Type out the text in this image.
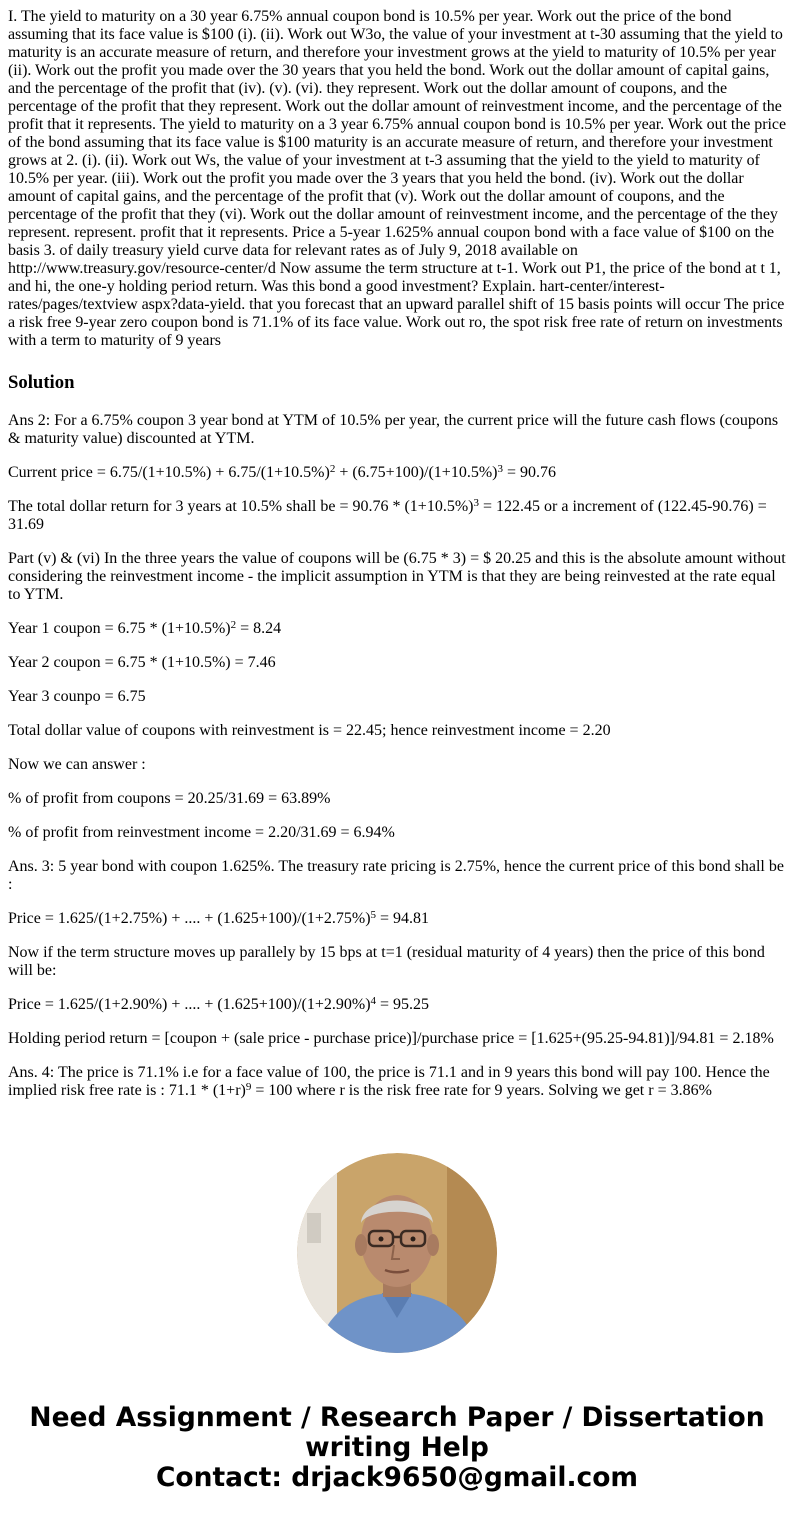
I. The yield to maturity on a 30 year 6.75% annual coupon bond is 10.5% per year. Work out the price of the bond assuming that its face value is $100 (i). (ii). Work out W3o, the value of your investment at t-30 assuming that the yield to maturity is an accurate measure of return, and therefore your investment grows at the yield to maturity of 10.5% per year (ii). Work out the profit you made over the 30 years that you held the bond. Work out the dollar amount of capital gains, and the percentage of the profit that (iv). (v). (vi). they represent. Work out the dollar amount of coupons, and the percentage of the profit that they represent. Work out the dollar amount of reinvestment income, and the percentage of the profit that it represents. The yield to maturity on a 3 year 6.75% annual coupon bond is 10.5% per year. Work out the price of the bond assuming that its face value is $100 maturity is an accurate measure of return, and therefore your investment grows at 2. (i). (ii). Work out Ws, the value of your investment at t-3 assuming that the yield to the yield to maturity of 10.5% per year. (iii). Work out the profit you made over the 3 years that you held the bond. (iv). Work out the dollar amount of capital gains, and the percentage of the profit that (v). Work out the dollar amount of coupons, and the percentage of the profit that they (vi). Work out the dollar amount of reinvestment income, and the percentage of the they represent. represent. profit that it represents. Price a 5-year 1.625% annual coupon bond with a face value of $100 on the basis 3. of daily treasury yield curve data for relevant rates as of July 9, 2018 available on http://www.treasury.gov/resource-center/d Now assume the term structure at t-1. Work out P1, the price of the bond at t 1, and hi, the one-y holding period return. Was this bond a good investment? Explain. hart-center/interest-rates/pages/textview aspx?data-yield. that you forecast that an upward parallel shift of 15 basis points will occur The price a risk free 9-year zero coupon bond is 71.1% of its face value. Work out ro, the spot risk free rate of return on investments with a term to maturity of 9 years

Solution

Ans 2: For a 6.75% coupon 3 year bond at YTM of 10.5% per year, the current price will the future cash flows (coupons & maturity value) discounted at YTM.

Current price = $6.75/(1+10.5\%) + 6.75/(1+10.5\%)^2 + (6.75+100)/(1+10.5\%)^3 = 90.76$

The total dollar return for 3 years at 10.5% shall be = $90.76 * (1+10.5\%)^3 = 122.45$ or a increment of (122.45-90.76) = 31.69

Part (v) & (vi) In the three years the value of coupons will be (6.75 * 3) = $ 20.25 and this is the absolute amount without considering the reinvestment income - the implicit assumption in YTM is that they are being reinvested at the rate equal to YTM.

Year 1 coupon = $6.75 * (1+10.5\%)^2 = 8.24$

Year 2 coupon = 6.75 * (1+10.5%) = 7.46

Year 3 counpo = 6.75

Total dollar value of coupons with reinvestment is = 22.45; hence reinvestment income = 2.20

Now we can answer :

% of profit from coupons = 20.25/31.69 = 63.89%

% of profit from reinvestment income = 2.20/31.69 = 6.94%

Ans. 3: 5 year bond with coupon 1.625%. The treasury rate pricing is 2.75%, hence the current price of this bond shall be :

Price = 1.625/(1+2.75%) + .... + $(1.625+100)/(1+2.75\%)^5 = 94.81$

Now if the term structure moves up parallely by 15 bps at t=1 (residual maturity of 4 years) then the price of this bond will be:

Price = 1.625/(1+2.90%) + .... + $(1.625+100)/(1+2.90\%)^4 = 95.25$

Holding period return = [coupon + (sale price - purchase price)]/purchase price = [1.625+(95.25-94.81)]/94.81 = 2.18%

Ans. 4: The price is 71.1% i.e for a face value of 100, the price is 71.1 and in 9 years this bond will pay 100. Hence the implied risk free rate is : $71.1 * (1+r)^9 = 100$ where r is the risk free rate for 9 years. Solving we get r = 3.86%

Need Assignment / Research Paper / Dissertation
writing Help
Contact: drjack9650@gmail.com
